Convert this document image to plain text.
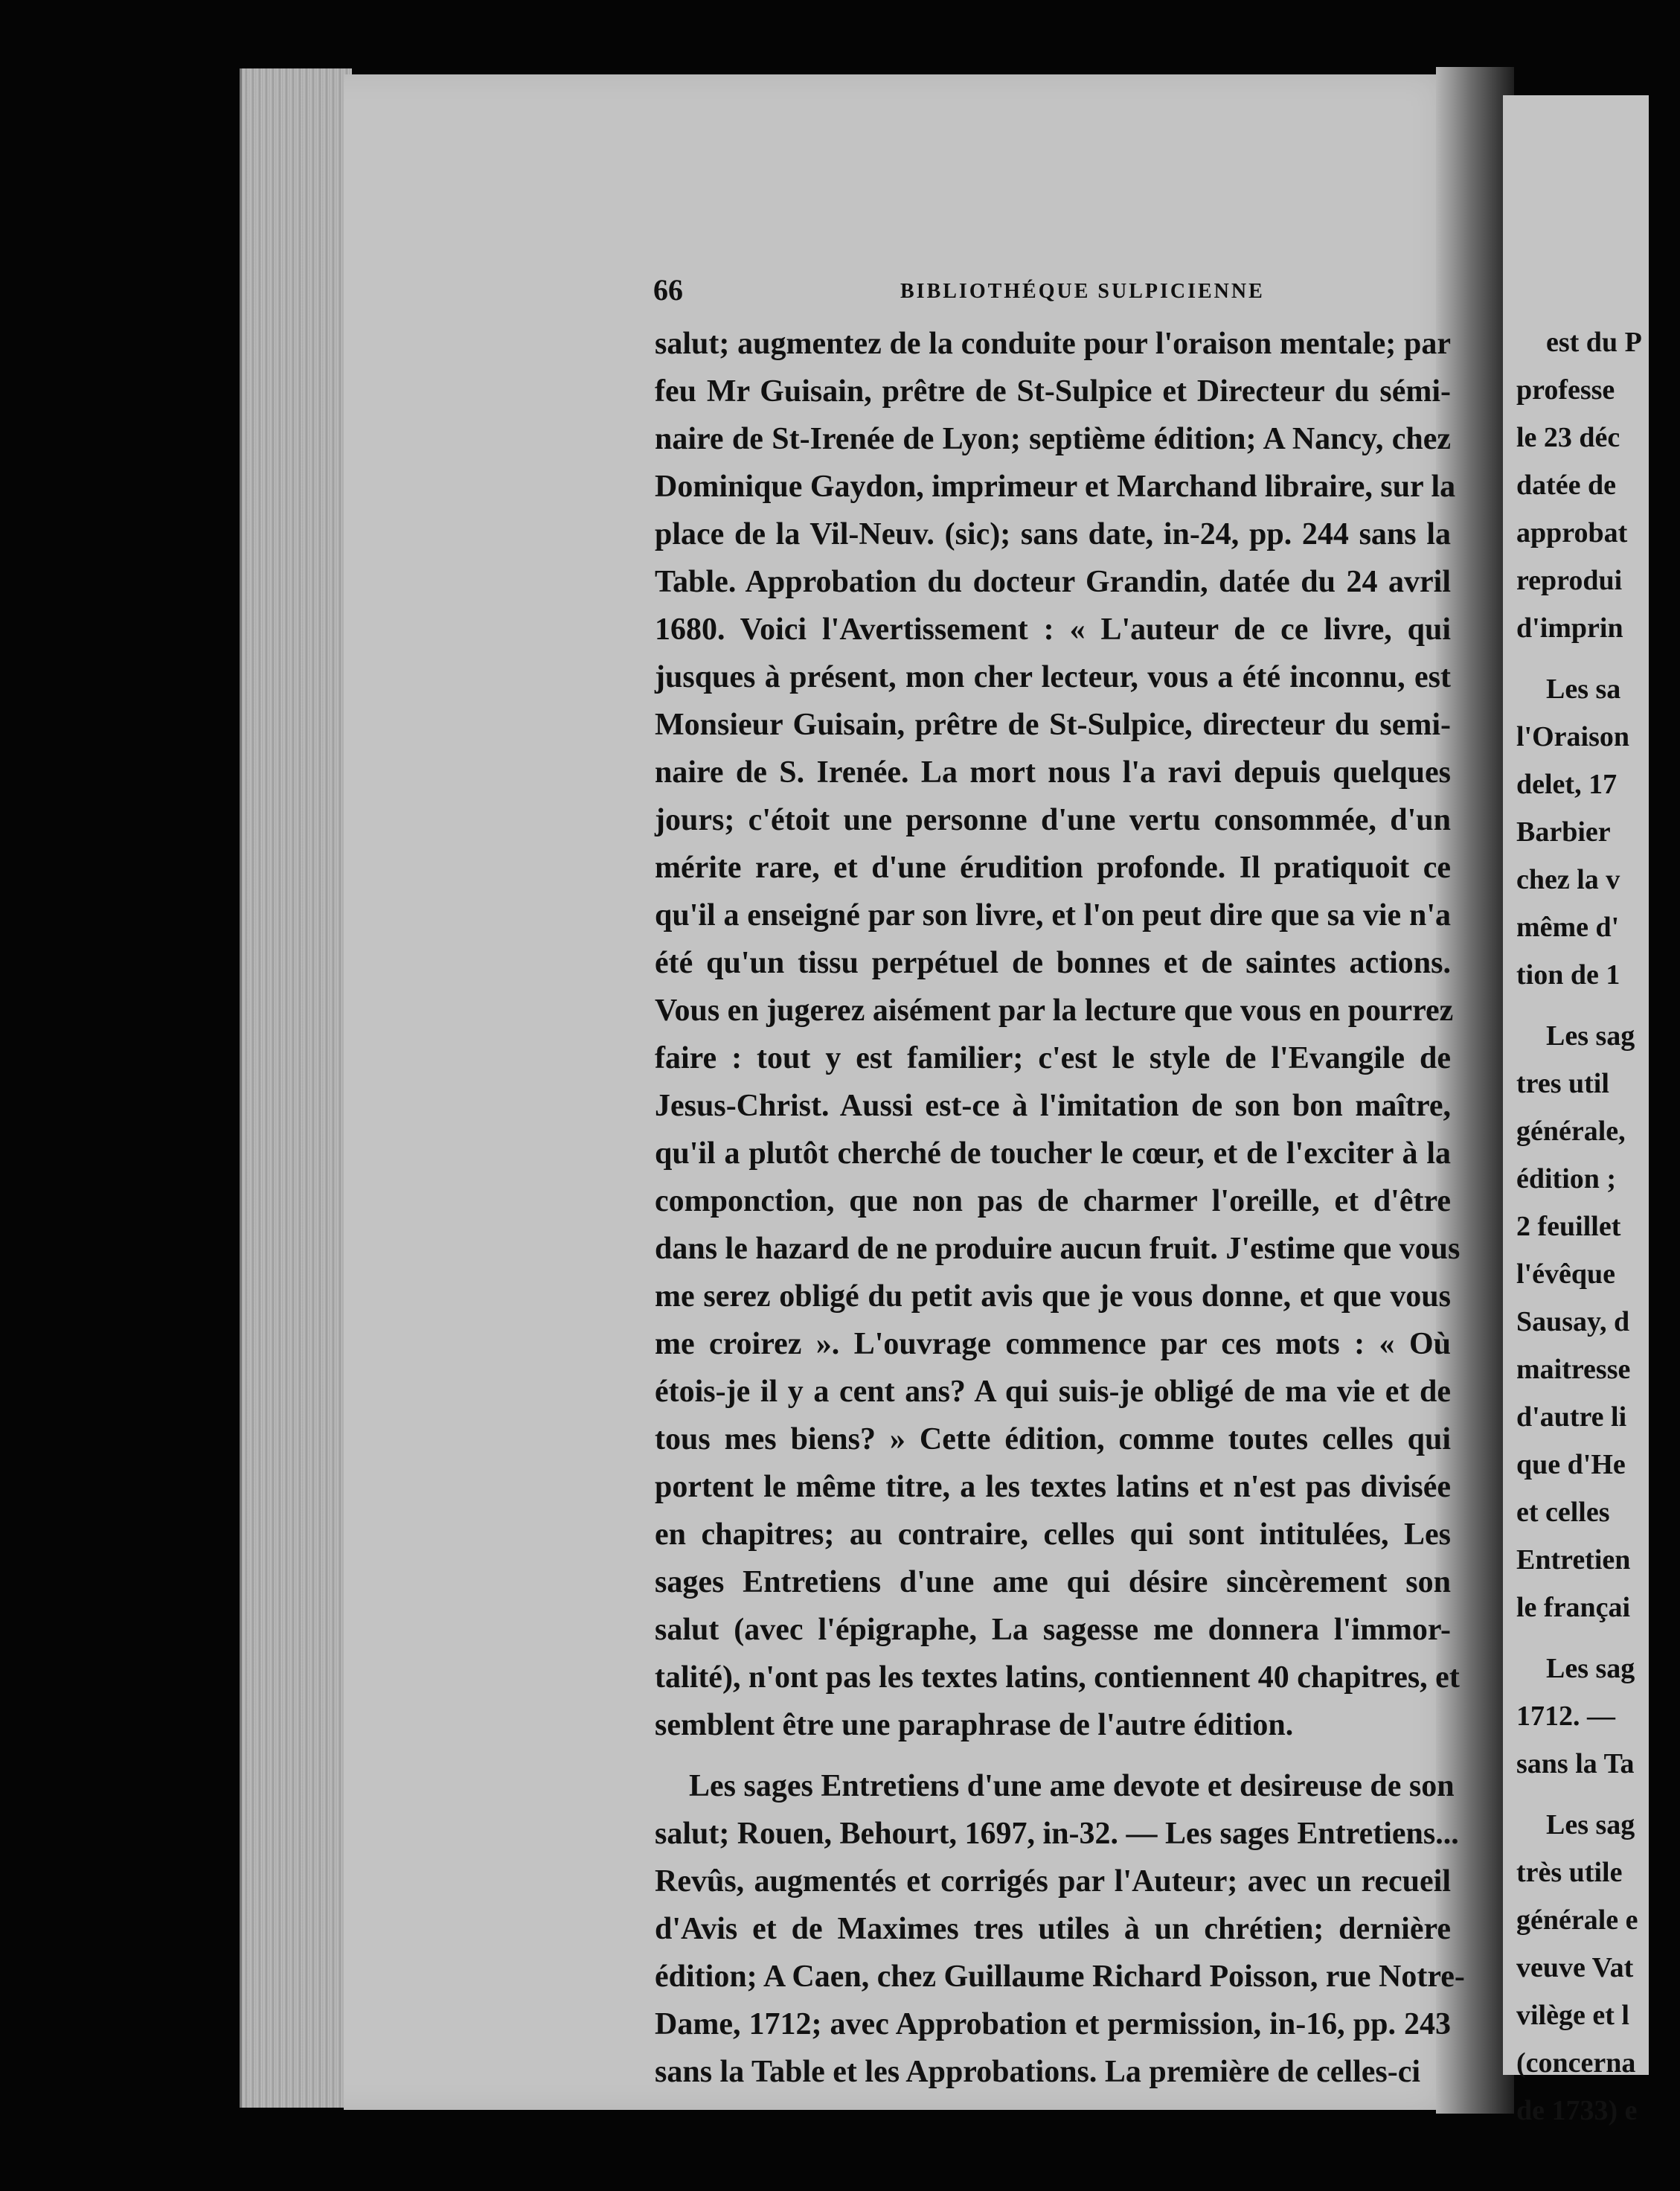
66	BIBLIOTHÉQUE SULPICIENNE
salut; augmentez de la conduite pour l'oraison mentale; par
feu Mr Guisain, prêtre de St-Sulpice et Directeur du sémi-
naire de St-Irenée de Lyon; septième édition; A Nancy, chez
Dominique Gaydon, imprimeur et Marchand libraire, sur la
place de la Vil-Neuv. (sic); sans date, in-24, pp. 244 sans la
Table. Approbation du docteur Grandin, datée du 24 avril
1680. Voici l'Avertissement : « L'auteur de ce livre, qui
jusques à présent, mon cher lecteur, vous a été inconnu, est
Monsieur Guisain, prêtre de St-Sulpice, directeur du semi-
naire de S. Irenée. La mort nous l'a ravi depuis quelques
jours; c'étoit une personne d'une vertu consommée, d'un
mérite rare, et d'une érudition profonde. Il pratiquoit ce
qu'il a enseigné par son livre, et l'on peut dire que sa vie n'a
été qu'un tissu perpétuel de bonnes et de saintes actions.
Vous en jugerez aisément par la lecture que vous en pourrez
faire : tout y est familier; c'est le style de l'Evangile de
Jesus-Christ. Aussi est-ce à l'imitation de son bon maître,
qu'il a plutôt cherché de toucher le cœur, et de l'exciter à la
componction, que non pas de charmer l'oreille, et d'être
dans le hazard de ne produire aucun fruit. J'estime que vous
me serez obligé du petit avis que je vous donne, et que vous
me croirez ». L'ouvrage commence par ces mots : « Où
étois-je il y a cent ans? A qui suis-je obligé de ma vie et de
tous mes biens? » Cette édition, comme toutes celles qui
portent le même titre, a les textes latins et n'est pas divisée
en chapitres; au contraire, celles qui sont intitulées, Les
sages Entretiens d'une ame qui désire sincèrement son
salut (avec l'épigraphe, La sagesse me donnera l'immor-
talité), n'ont pas les textes latins, contiennent 40 chapitres, et
semblent être une paraphrase de l'autre édition.
Les sages Entretiens d'une ame devote et desireuse de son
salut; Rouen, Behourt, 1697, in-32. — Les sages Entretiens...
Revûs, augmentés et corrigés par l'Auteur; avec un recueil
d'Avis et de Maximes tres utiles à un chrétien; dernière
édition; A Caen, chez Guillaume Richard Poisson, rue Notre-
Dame, 1712; avec Approbation et permission, in-16, pp. 243
sans la Table et les Approbations. La première de celles-ci
est du P
professe
le 23 déc
datée de
approbat
reprodui
d'imprin
Les sa
l'Oraison
delet, 17
Barbier
chez la v
même d'
tion de 1
Les sag
tres util
générale,
édition ;
2 feuillet
l'évêque
Sausay, d
maitresse
d'autre li
que d'He
et celles
Entretien
le françai
Les sag
1712. —
sans la Ta
Les sag
très utile
générale e
veuve Vat
vilège et l
(concerna
de 1733) e
